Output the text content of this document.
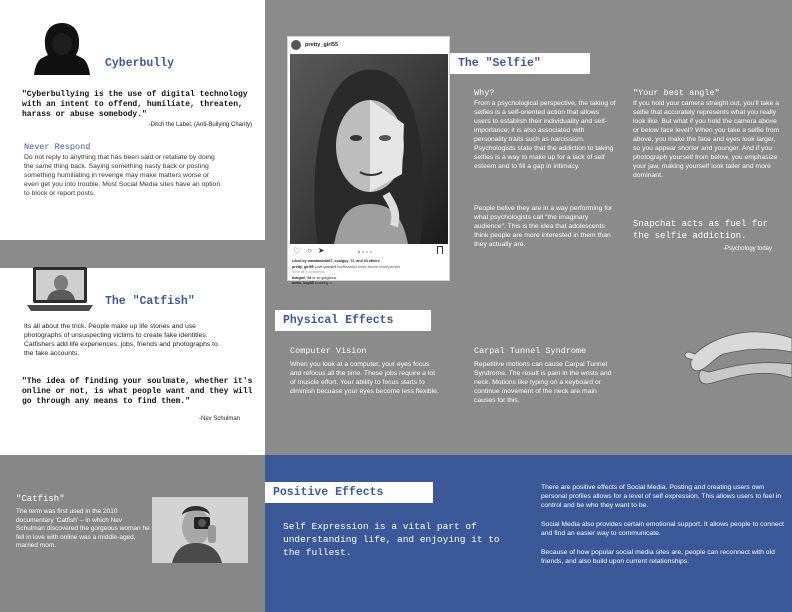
Cyberbully
"Cyberbullying is the use of digital technology with an intent to offend, humiliate, threaten, harass or abuse somebody."
-Ditch the Label, (Anti-Bullying Charity)
Never Respond
Do not reply to anything that has been said or retaliate by doing the same thing back. Saying something nasty back or posting something humiliating in revenge may make matters worse or even get you into trouble. Most Social Media sites have an option to block or report posts.
The "Catfish"
Its all about the trick. People make up life stories and use photographs of unsuspecting victims to create fake identities. Catfishers add life experiences, jobs, friends and photographs to the fake accounts.
"The idea of finding your soulmate, whether it's online or not, is what people want and they will go through any means to find them."
-Nev Schulman
"Catfish"
The term was first used in the 2010 documentary 'Catfish' – in which Nev Schulman discovered the gorgeous woman he fell in love with online was a middle-aged, married mom.
pretty_girl55
♡ ○ ➤
Liked by mandamidia67, coolguy_72, and 63 others
pretty_girl55 Love yourself #selfieaddict #love #smile #loveyourself
View all 8 comments
thatgurl_94 ur so gorgeous
mello_boy88 amazing ☺
The "Selfie"
Why?
From a psychological perspective, the taking of selfies is a self-oriented action that allows users to establish their individuality and self-importance; it is also associated with personality traits such as narcissism. Psychologists state that the addiction to taking selfies is a way to make up for a lack of self esteem and to fill a gap in intimacy.
People belive they are in a way performing for what psychologists call "the imaginary audience". This is the idea that adolescents think people are more interested in them than they actually are.
"Your best angle"
If you hold your camera straight out, you'll take a selfie that accurately represents what you really look like. But what if you hold the camera above or below face level? When you take a selfie from above, you make the face and eyes look larger, so you appear shorter and younger. And if you photograph yourself from below, you emphasize your jaw, making yourself look taller and more dominant.
Snapchat acts as fuel for the selfie addiction.
-Psychology today
Physical Effects
Computer Vision
When you look at a computer, your eyes focus and refocus all the time. These jobs require a lot of muscle effort. Your ability to focus starts to diminish becuase your eyes become less flexible.
Carpal Tunnel Syndrome
Repetitive motions can cause Carpal Tunnel Syndrome. The result is pain in the wrists and neck. Motions like typing on a keyboard or continue movement of the neck are main causes for this.
Positive Effects
Self Expression is a vital part of understanding life, and enjoying it to the fullest.
There are positive effects of Social Media. Posting and creating users own personal profiles allows for a level of self expression. This allows users to feel in control and be who they want to be.
Social Media also provides certain emotional support. It allows people to connect and find an easier way to communicate.
Because of how popular social media sites are, people can reconnect with old friends, and also build upon current relationships.
